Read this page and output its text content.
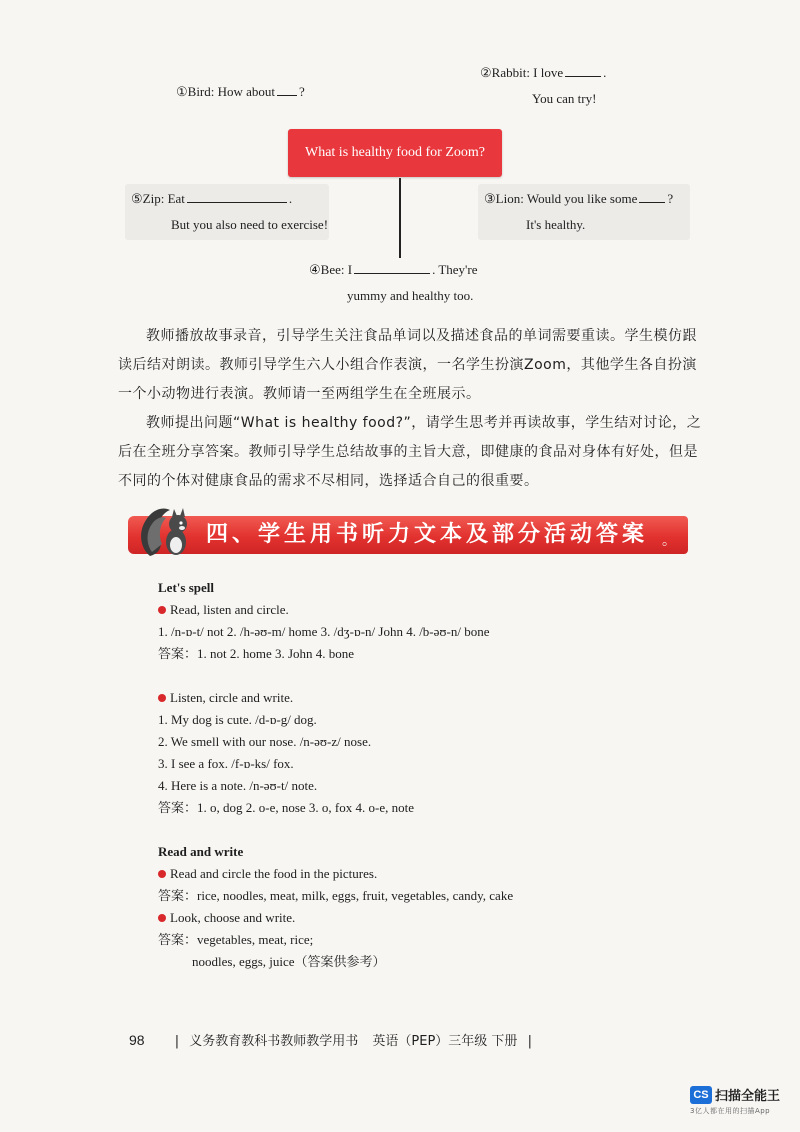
①Bird: How about ?
②Rabbit: I love	.
You can try!
What is healthy food for Zoom?
⑤Zip: Eat	.
But you also need to exercise!
③Lion: Would you like some ?
It's healthy.
④Bee: I	. They're
yummy and healthy too.
教师播放故事录音，引导学生关注食品单词以及描述食品的单词需要重读。学生模仿跟读后结对朗读。教师引导学生六人小组合作表演，一名学生扮演Zoom，其他学生各自扮演一个小动物进行表演。教师请一至两组学生在全班展示。
教师提出问题“What is healthy food?”，请学生思考并再读故事，学生结对讨论，之后在全班分享答案。教师引导学生总结故事的主旨大意，即健康的食品对身体有好处，但是不同的个体对健康食品的需求不尽相同，选择适合自己的很重要。
四、学生用书听力文本及部分活动答案 。
Let's spell
Read, listen and circle.
1. /n-ɒ-t/ not 2. /h-əʊ-m/ home 3. /dʒ-ɒ-n/ John 4. /b-əʊ-n/ bone
答案：1. not 2. home 3. John 4. bone
Listen, circle and write.
1. My dog is cute. /d-ɒ-g/ dog.
2. We smell with our nose. /n-əʊ-z/ nose.
3. I see a fox. /f-ɒ-ks/ fox.
4. Here is a note. /n-əʊ-t/ note.
答案：1. o, dog 2. o-e, nose 3. o, fox 4. o-e, note
Read and write
Read and circle the food in the pictures.
答案：rice, noodles, meat, milk, eggs, fruit, vegetables, candy, cake
Look, choose and write.
答案：vegetables, meat, rice;
noodles, eggs, juice（答案供参考）
98 | 义务教育教科书教师教学用书 英语（PEP）三年级 下册 |
CS 扫描全能王
3亿人都在用的扫描App
